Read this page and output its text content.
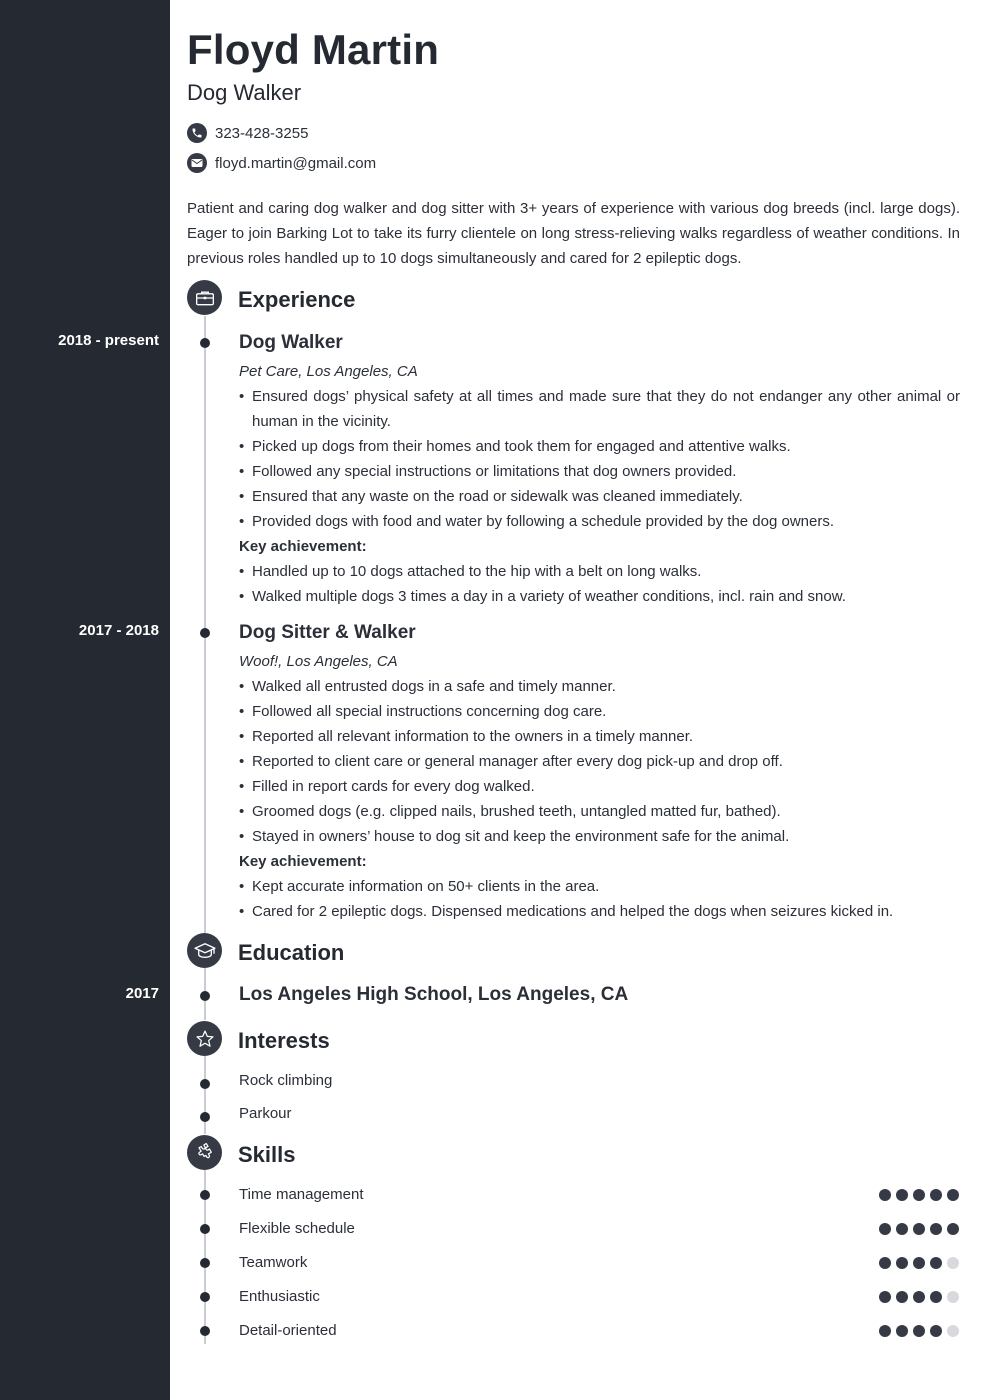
Floyd Martin
Dog Walker
323-428-3255
floyd.martin@gmail.com

Patient and caring dog walker and dog sitter with 3+ years of experience with various dog breeds (incl. large dogs). Eager to join Barking Lot to take its furry clientele on long stress-relieving walks regardless of weather conditions. In previous roles handled up to 10 dogs simultaneously and cared for 2 epileptic dogs.

Experience
2018 - present	Dog Walker
Pet Care, Los Angeles, CA
• Ensured dogs’ physical safety at all times and made sure that they do not endanger any other animal or human in the vicinity.
• Picked up dogs from their homes and took them for engaged and attentive walks.
• Followed any special instructions or limitations that dog owners provided.
• Ensured that any waste on the road or sidewalk was cleaned immediately.
• Provided dogs with food and water by following a schedule provided by the dog owners.
Key achievement:
• Handled up to 10 dogs attached to the hip with a belt on long walks.
• Walked multiple dogs 3 times a day in a variety of weather conditions, incl. rain and snow.
2017 - 2018	Dog Sitter & Walker
Woof!, Los Angeles, CA
• Walked all entrusted dogs in a safe and timely manner.
• Followed all special instructions concerning dog care.
• Reported all relevant information to the owners in a timely manner.
• Reported to client care or general manager after every dog pick-up and drop off.
• Filled in report cards for every dog walked.
• Groomed dogs (e.g. clipped nails, brushed teeth, untangled matted fur, bathed).
• Stayed in owners’ house to dog sit and keep the environment safe for the animal.
Key achievement:
• Kept accurate information on 50+ clients in the area.
• Cared for 2 epileptic dogs. Dispensed medications and helped the dogs when seizures kicked in.
Education
2017	Los Angeles High School, Los Angeles, CA
Interests
Rock climbing
Parkour
Skills
Time management
Flexible schedule
Teamwork
Enthusiastic
Detail-oriented
